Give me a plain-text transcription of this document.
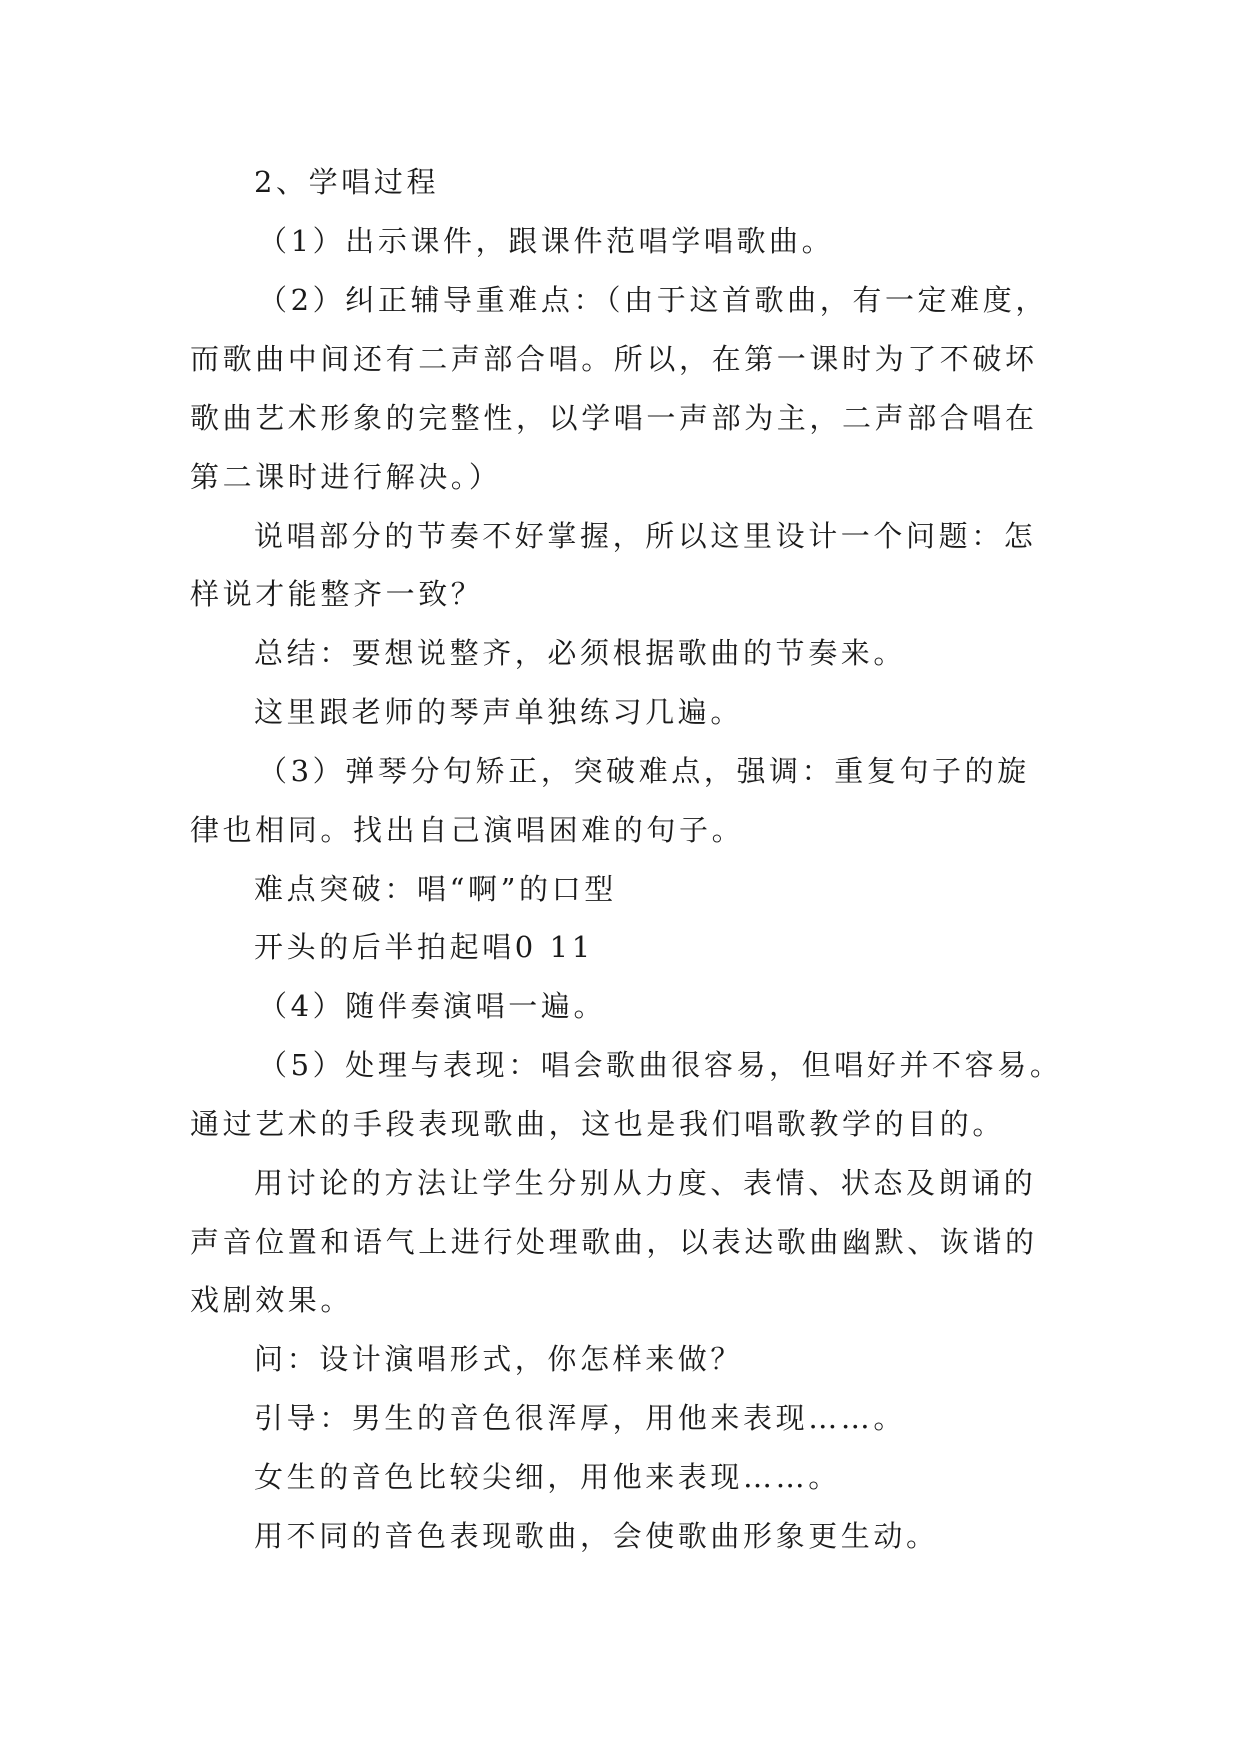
2、学唱过程
（1）出示课件，跟课件范唱学唱歌曲。
（2）纠正辅导重难点：（由于这首歌曲，有一定难度，
而歌曲中间还有二声部合唱。所以，在第一课时为了不破坏
歌曲艺术形象的完整性，以学唱一声部为主，二声部合唱在
第二课时进行解决。）
说唱部分的节奏不好掌握，所以这里设计一个问题：怎
样说才能整齐一致？
总结：要想说整齐，必须根据歌曲的节奏来。
这里跟老师的琴声单独练习几遍。
（3）弹琴分句矫正，突破难点，强调：重复句子的旋
律也相同。找出自己演唱困难的句子。
难点突破：唱“啊”的口型
开头的后半拍起唱0 11
（4）随伴奏演唱一遍。
（5）处理与表现：唱会歌曲很容易，但唱好并不容易。
通过艺术的手段表现歌曲，这也是我们唱歌教学的目的。
用讨论的方法让学生分别从力度、表情、状态及朗诵的
声音位置和语气上进行处理歌曲，以表达歌曲幽默、诙谐的
戏剧效果。
问：设计演唱形式，你怎样来做？
引导：男生的音色很浑厚，用他来表现……。
女生的音色比较尖细，用他来表现……。
用不同的音色表现歌曲，会使歌曲形象更生动。
